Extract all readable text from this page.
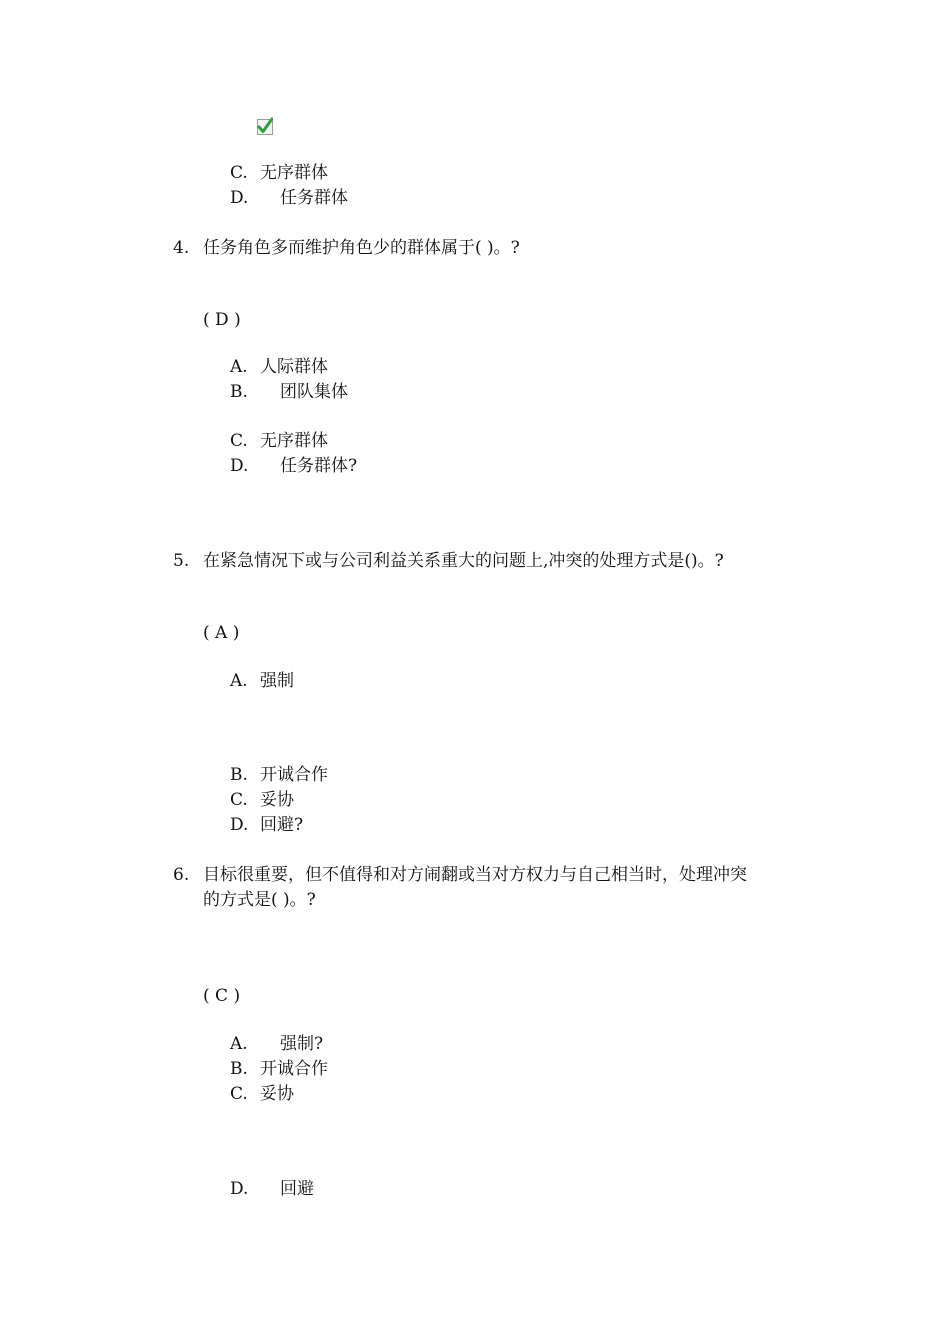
C. 无序群体
D. 任务群体
4. 任务角色多而维护角色少的群体属于( )。?
( D )
A. 人际群体
B. 团队集体
C. 无序群体
D. 任务群体?
5. 在紧急情况下或与公司利益关系重大的问题上,冲突的处理方式是()。?
( A )
A. 强制
B. 开诚合作
C. 妥协
D. 回避?
6. 目标很重要，但不值得和对方闹翻或当对方权力与自己相当时，处理冲突
的方式是( )。?
( C )
A. 强制?
B. 开诚合作
C. 妥协
D. 回避
